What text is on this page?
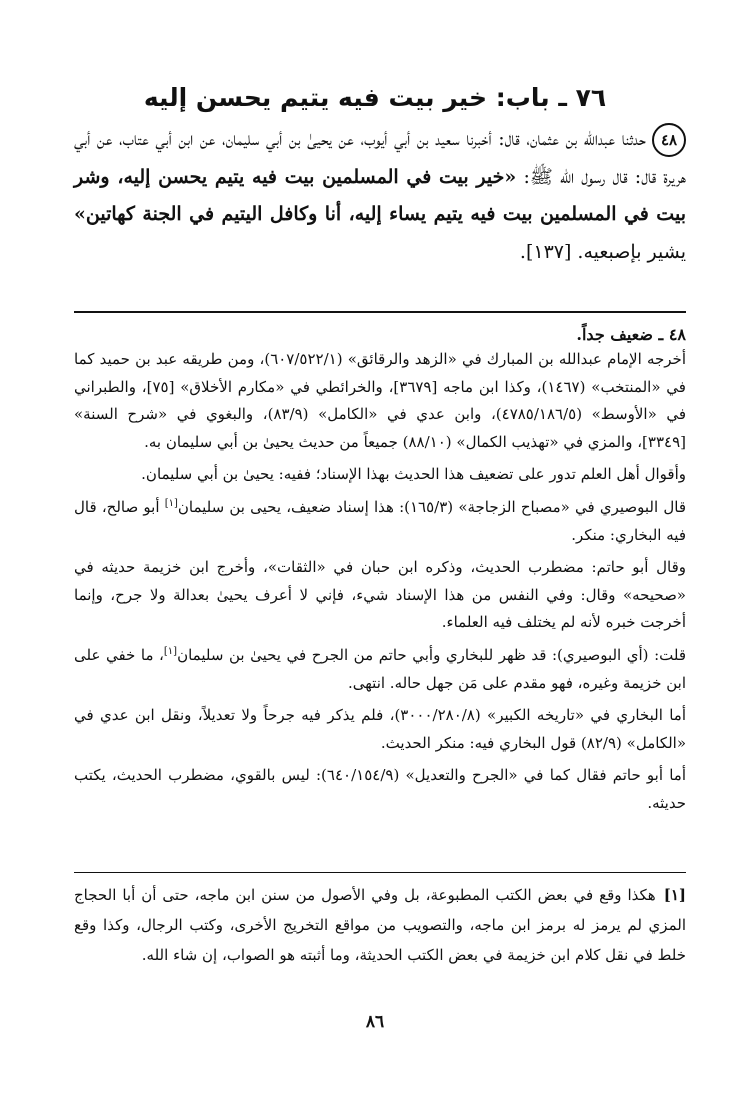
٧٦ ـ باب: خير بيت فيه يتيم يحسن إليه
٤٨حدثنا عبدالله بن عثمان، قال: أخبرنا سعيد بن أبي أيوب، عن يحيىٰ بن أبي سليمان، عن ابن أبي عتاب، عن أبي هريرة قال: قال رسول الله ﷺ: «خير بيت في المسلمين بيت فيه يتيم يحسن إليه، وشر بيت في المسلمين بيت فيه يتيم يساء إليه، أنا وكافل اليتيم في الجنة كهاتين» يشير بإصبعيه. [١٣٧].
٤٨ ـ ضعيف جداً.

أخرجه الإمام عبدالله بن المبارك في «الزهد والرقائق» (٦٠٧/٥٢٢/١)، ومن طريقه عبد بن حميد كما في «المنتخب» (١٤٦٧)، وكذا ابن ماجه [٣٦٧٩]، والخرائطي في «مكارم الأخلاق» [٧٥]، والطبراني في «الأوسط» (٤٧٨٥/١٨٦/٥)، وابن عدي في «الكامل» (٨٣/٩)، والبغوي في «شرح السنة» [٣٣٤٩]، والمزي في «تهذيب الكمال» (٨٨/١٠) جميعاً من حديث يحيىٰ بن أبي سليمان به.

وأقوال أهل العلم تدور على تضعيف هذا الحديث بهذا الإسناد؛ ففيه: يحيىٰ بن أبي سليمان.

قال البوصيري في «مصباح الزجاجة» (١٦٥/٣): هذا إسناد ضعيف، يحيى بن سليمان[١] أبو صالح، قال فيه البخاري: منكر.

وقال أبو حاتم: مضطرب الحديث، وذكره ابن حبان في «الثقات»، وأخرج ابن خزيمة حديثه في «صحيحه» وقال: وفي النفس من هذا الإسناد شيء، فإني لا أعرف يحيىٰ بعدالة ولا جرح، وإنما أخرجت خبره لأنه لم يختلف فيه العلماء.

قلت: (أي البوصيري): قد ظهر للبخاري وأبي حاتم من الجرح في يحيىٰ بن سليمان[١]، ما خفي على ابن خزيمة وغيره، فهو مقدم على مَن جهل حاله. انتهى.

أما البخاري في «تاريخه الكبير» (٣٠٠٠/٢٨٠/٨)، فلم يذكر فيه جرحاً ولا تعديلاً، ونقل ابن عدي في «الكامل» (٨٢/٩) قول البخاري فيه: منكر الحديث.

أما أبو حاتم فقال كما في «الجرح والتعديل» (٦٤٠/١٥٤/٩): ليس بالقوي، مضطرب الحديث، يكتب حديثه.

[١]هكذا وقع في بعض الكتب المطبوعة، بل وفي الأصول من سنن ابن ماجه، حتى أن أبا الحجاج المزي لم يرمز له برمز ابن ماجه، والتصويب من مواقع التخريج الأخرى، وكتب الرجال، وكذا وقع خلط في نقل كلام ابن خزيمة في بعض الكتب الحديثة، وما أثبته هو الصواب، إن شاء الله.
٨٦
